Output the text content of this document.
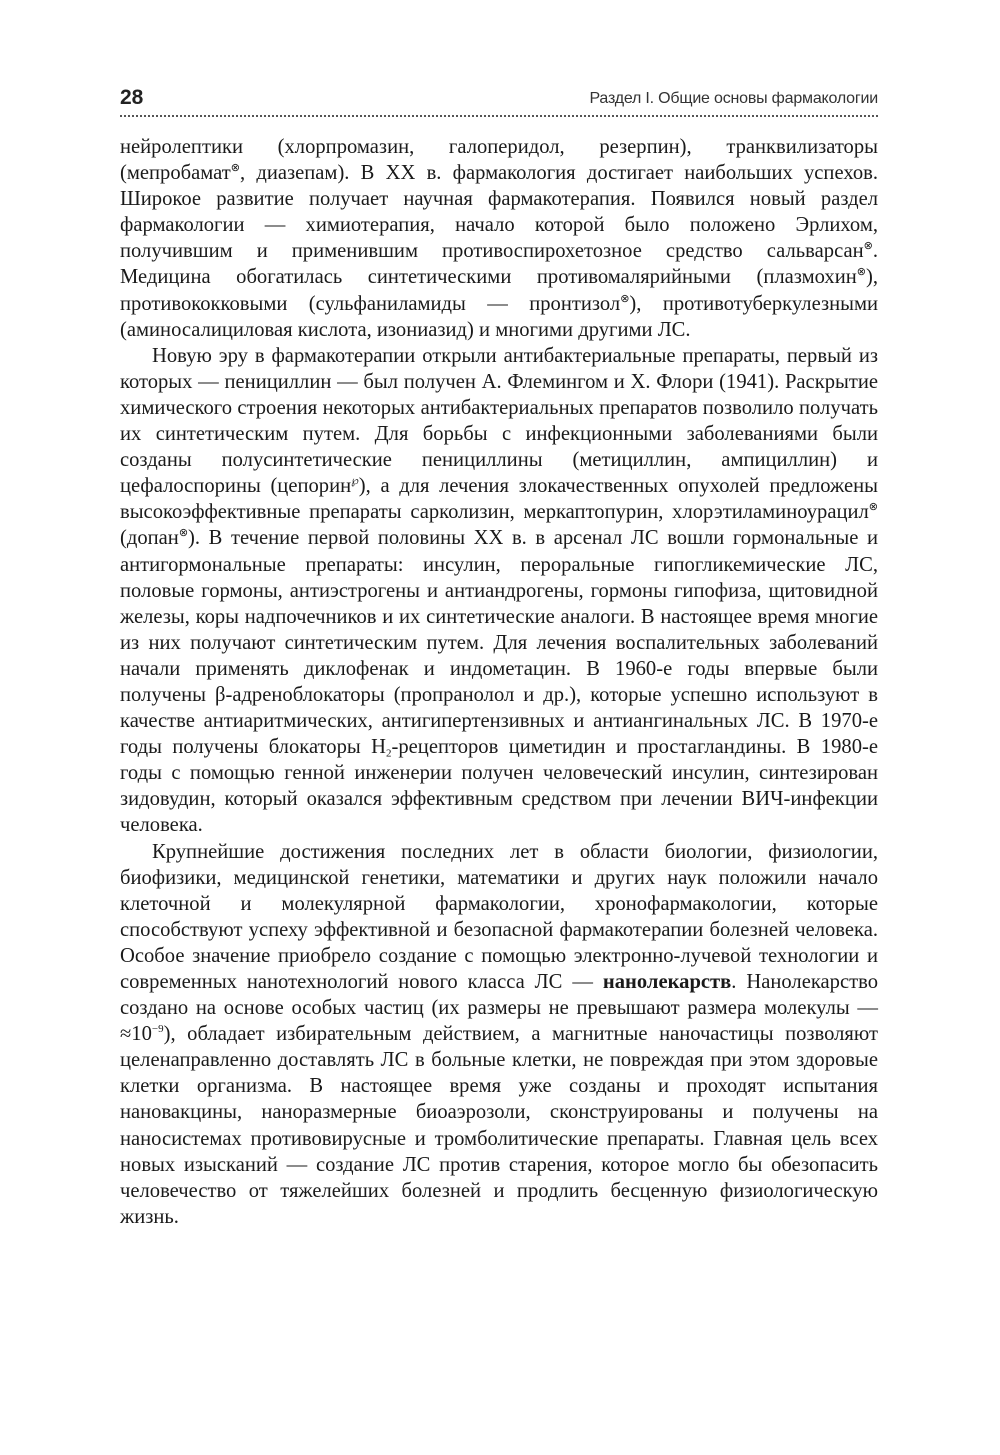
28	Раздел I. Общие основы фармакологии

нейролептики (хлорпромазин, галоперидол, резерпин), транквилизаторы (мепробамат⊗, диазепам). В XX в. фармакология достигает наибольших успехов. Широкое развитие получает научная фармакотерапия. Появился новый раздел фармакологии — химиотерапия, начало которой было положено Эрлихом, получившим и применившим противоспирохетозное средство сальварсан⊗. Медицина обогатилась синтетическими противомалярийными (плазмохин⊗), противококковыми (сульфаниламиды — пронтизол⊗), противотуберкулезными (аминосалициловая кислота, изониазид) и многими другими ЛС.

Новую эру в фармакотерапии открыли антибактериальные препараты, первый из которых — пенициллин — был получен А. Флемингом и Х. Флори (1941). Раскрытие химического строения некоторых антибактериальных препаратов позволило получать их синтетическим путем. Для борьбы с инфекционными заболеваниями были созданы полусинтетические пенициллины (метициллин, ампициллин) и цефалоспорины (цепорин℘), а для лечения злокачественных опухолей предложены высокоэффективные препараты сарколизин, меркаптопурин, хлорэтиламиноурацил⊗ (допан⊗). В течение первой половины XX в. в арсенал ЛС вошли гормональные и антигормональные препараты: инсулин, пероральные гипогликемические ЛС, половые гормоны, антиэстрогены и антиандрогены, гормоны гипофиза, щитовидной железы, коры надпочечников и их синтетические аналоги. В настоящее время многие из них получают синтетическим путем. Для лечения воспалительных заболеваний начали применять диклофенак и индометацин. В 1960-е годы впервые были получены β-адреноблокаторы (пропранолол и др.), которые успешно используют в качестве антиаритмических, антигипертензивных и антиангинальных ЛС. В 1970-е годы получены блокаторы $Н_2$-рецепторов циметидин и простагландины. В 1980-е годы с помощью генной инженерии получен человеческий инсулин, синтезирован зидовудин, который оказался эффективным средством при лечении ВИЧ-инфекции человека.

Крупнейшие достижения последних лет в области биологии, физиологии, биофизики, медицинской генетики, математики и других наук положили начало клеточной и молекулярной фармакологии, хронофармакологии, которые способствуют успеху эффективной и безопасной фармакотерапии болезней человека. Особое значение приобрело создание с помощью электронно-лучевой технологии и современных нанотехнологий нового класса ЛС — нанолекарств. Нанолекарство создано на основе особых частиц (их размеры не превышают размера молекулы — $\approx 10^{-9}$), обладает избирательным действием, а магнитные наночастицы позволяют целенаправленно доставлять ЛС в больные клетки, не повреждая при этом здоровые клетки организма. В настоящее время уже созданы и проходят испытания нановакцины, наноразмерные биоаэрозоли, сконструированы и получены на наносистемах противовирусные и тромболитические препараты. Главная цель всех новых изысканий — создание ЛС против старения, которое могло бы обезопасить человечество от тяжелейших болезней и продлить бесценную физиологическую жизнь.
